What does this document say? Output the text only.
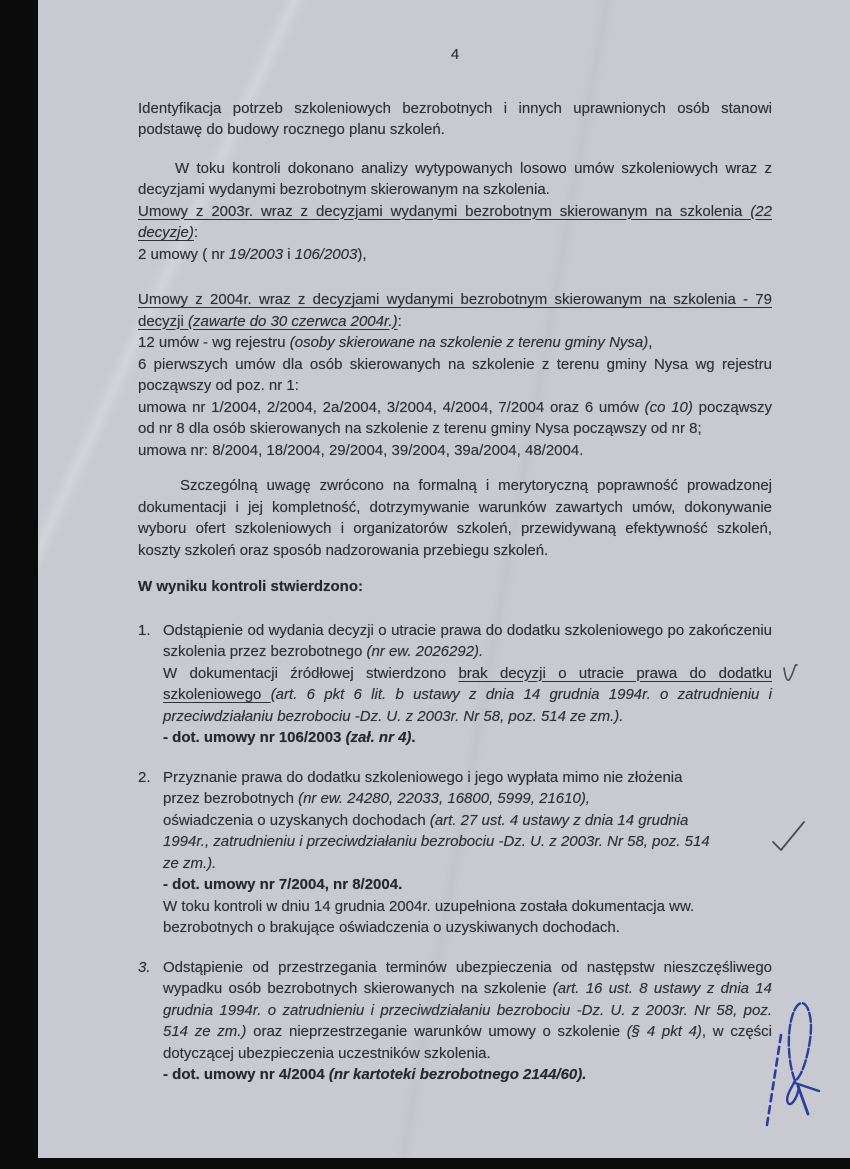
4
Identyfikacja potrzeb szkoleniowych bezrobotnych i innych uprawnionych osób stanowi podstawę do budowy rocznego planu szkoleń.
W toku kontroli dokonano analizy wytypowanych losowo umów szkoleniowych wraz z decyzjami wydanymi bezrobotnym skierowanym na szkolenia.
Umowy z 2003r. wraz z decyzjami wydanymi bezrobotnym skierowanym na szkolenia (22 decyzje):
2 umowy ( nr 19/2003 i 106/2003),
Umowy z 2004r. wraz z decyzjami wydanymi bezrobotnym skierowanym na szkolenia - 79 decyzji (zawarte do 30 czerwca 2004r.):
12 umów - wg rejestru (osoby skierowane na szkolenie z terenu gminy Nysa),
6 pierwszych umów dla osób skierowanych na szkolenie z terenu gminy Nysa wg rejestru począwszy od poz. nr 1:
umowa nr 1/2004, 2/2004, 2a/2004, 3/2004, 4/2004, 7/2004 oraz 6 umów (co 10) począwszy od nr 8 dla osób skierowanych na szkolenie z terenu gminy Nysa począwszy od nr 8;
umowa nr: 8/2004, 18/2004, 29/2004, 39/2004, 39a/2004, 48/2004.
Szczególną uwagę zwrócono na formalną i merytoryczną poprawność prowadzonej dokumentacji i jej kompletność, dotrzymywanie warunków zawartych umów, dokonywanie wyboru ofert szkoleniowych i organizatorów szkoleń, przewidywaną efektywność szkoleń, koszty szkoleń oraz sposób nadzorowania przebiegu szkoleń.
W wyniku kontroli stwierdzono:
1. Odstąpienie od wydania decyzji o utracie prawa do dodatku szkoleniowego po zakończeniu szkolenia przez bezrobotnego (nr ew. 2026292).
W dokumentacji źródłowej stwierdzono brak decyzji o utracie prawa do dodatku szkoleniowego (art. 6 pkt 6 lit. b ustawy z dnia 14 grudnia 1994r. o zatrudnieniu i przeciwdziałaniu bezrobociu -Dz. U. z 2003r. Nr 58, poz. 514 ze zm.).
- dot. umowy nr 106/2003 (zał. nr 4).
2. Przyznanie prawa do dodatku szkoleniowego i jego wypłata mimo nie złożenia przez bezrobotnych (nr ew. 24280, 22033, 16800, 5999, 21610),
oświadczenia o uzyskanych dochodach (art. 27 ust. 4 ustawy z dnia 14 grudnia 1994r., zatrudnieniu i przeciwdziałaniu bezrobociu -Dz. U. z 2003r. Nr 58, poz. 514 ze zm.).
- dot. umowy nr 7/2004, nr 8/2004.
W toku kontroli w dniu 14 grudnia 2004r. uzupełniona została dokumentacja ww. bezrobotnych o brakujące oświadczenia o uzyskiwanych dochodach.
3. Odstąpienie od przestrzegania terminów ubezpieczenia od następstw nieszczęśliwego wypadku osób bezrobotnych skierowanych na szkolenie (art. 16 ust. 8 ustawy z dnia 14 grudnia 1994r. o zatrudnieniu i przeciwdziałaniu bezrobociu -Dz. U. z 2003r. Nr 58, poz. 514 ze zm.) oraz nieprzestrzeganie warunków umowy o szkolenie (§ 4 pkt 4), w części dotyczącej ubezpieczenia uczestników szkolenia.
- dot. umowy nr 4/2004 (nr kartoteki bezrobotnego 2144/60).
